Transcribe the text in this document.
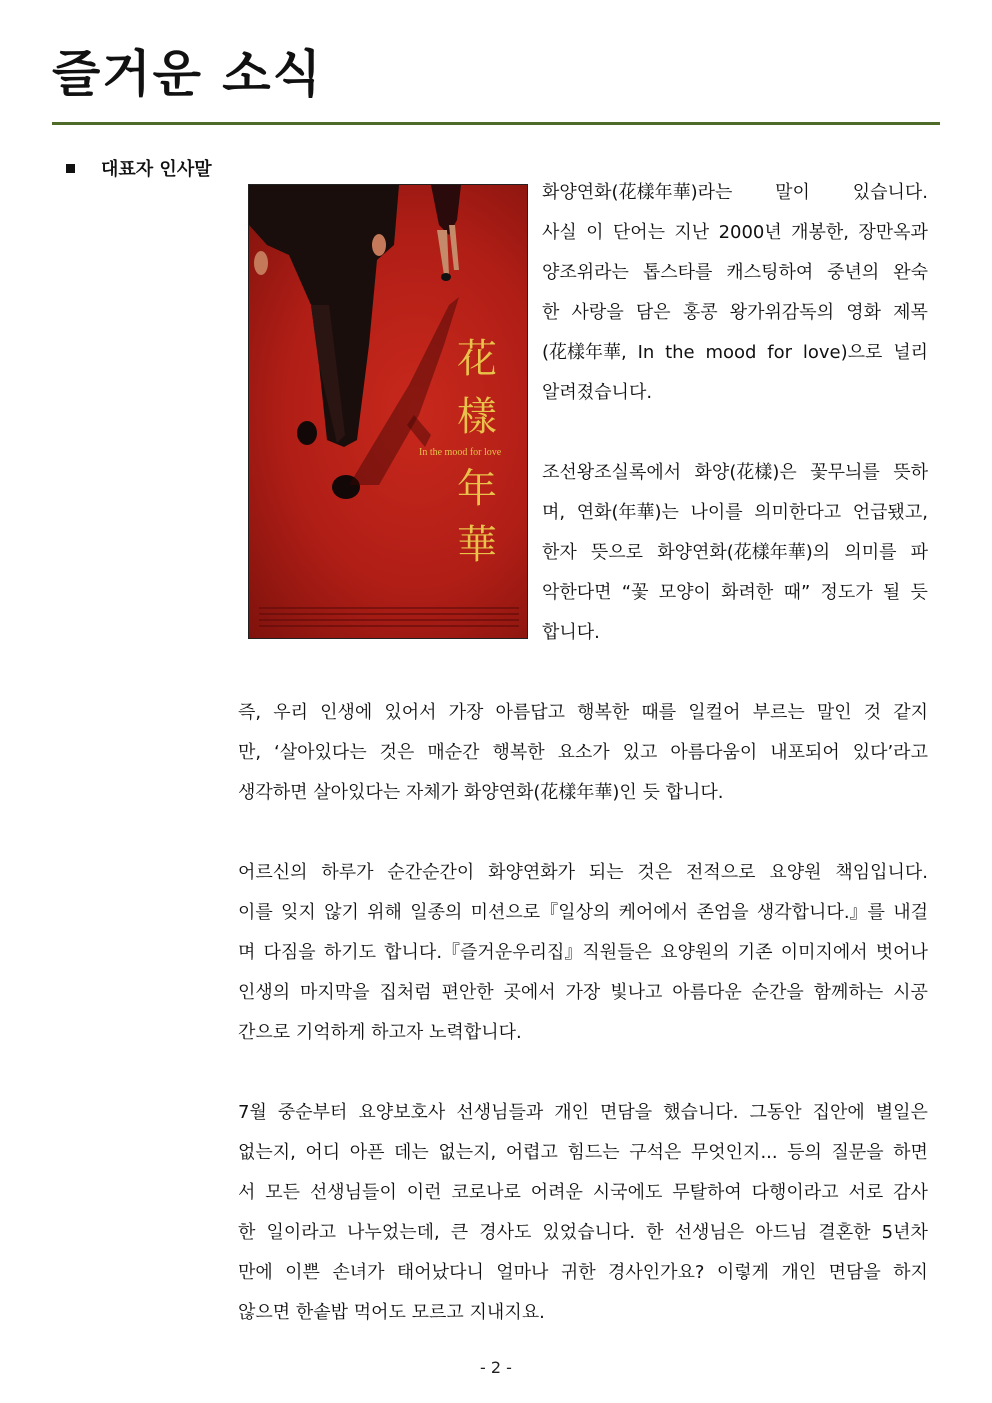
즐거운 소식
대표자 인사말
花
樣
In the mood for love
年
華
화양연화(花樣年華)라는 말이 있습니다.
사실 이 단어는 지난 2000년 개봉한, 장만옥과
양조위라는 톱스타를 캐스팅하여 중년의 완숙
한 사랑을 담은 홍콩 왕가위감독의 영화 제목
(花樣年華, In the mood for love)으로 널리
알려졌습니다.
조선왕조실록에서 화양(花樣)은 꽃무늬를 뜻하
며, 연화(年華)는 나이를 의미한다고 언급됐고,
한자 뜻으로 화양연화(花樣年華)의 의미를 파
악한다면 “꽃 모양이 화려한 때” 정도가 될 듯
합니다.
즉, 우리 인생에 있어서 가장 아름답고 행복한 때를 일컬어 부르는 말인 것 같지
만, ‘살아있다는 것은 매순간 행복한 요소가 있고 아름다움이 내포되어 있다’라고
생각하면 살아있다는 자체가 화양연화(花樣年華)인 듯 합니다.
어르신의 하루가 순간순간이 화양연화가 되는 것은 전적으로 요양원 책임입니다.
이를 잊지 않기 위해 일종의 미션으로『일상의 케어에서 존엄을 생각합니다.』를 내걸
며 다짐을 하기도 합니다.『즐거운우리집』직원들은 요양원의 기존 이미지에서 벗어나
인생의 마지막을 집처럼 편안한 곳에서 가장 빛나고 아름다운 순간을 함께하는 시공
간으로 기억하게 하고자 노력합니다.
7월 중순부터 요양보호사 선생님들과 개인 면담을 했습니다. 그동안 집안에 별일은
없는지, 어디 아픈 데는 없는지, 어렵고 힘드는 구석은 무엇인지... 등의 질문을 하면
서 모든 선생님들이 이런 코로나로 어려운 시국에도 무탈하여 다행이라고 서로 감사
한 일이라고 나누었는데, 큰 경사도 있었습니다. 한 선생님은 아드님 결혼한 5년차
만에 이쁜 손녀가 태어났다니 얼마나 귀한 경사인가요? 이렇게 개인 면담을 하지
않으면 한솥밥 먹어도 모르고 지내지요.
- 2 -
